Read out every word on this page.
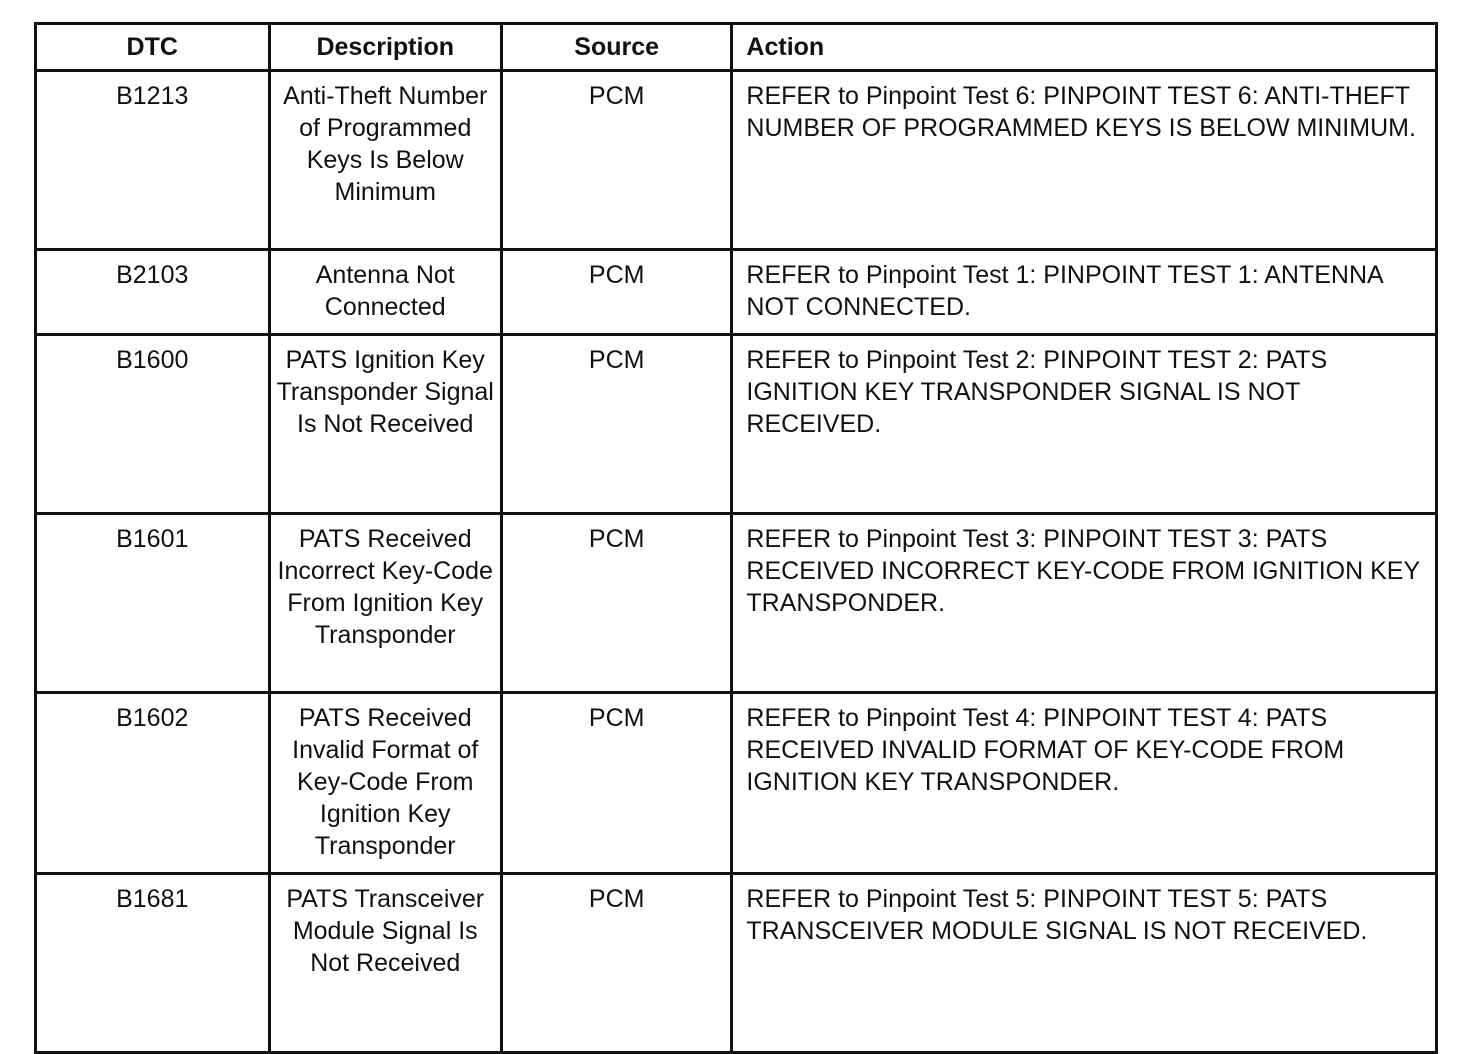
DTC	Description	Source	Action
B1213	Anti-Theft Number of Programmed Keys Is Below Minimum	PCM	REFER to Pinpoint Test 6: PINPOINT TEST 6: ANTI-THEFT NUMBER OF PROGRAMMED KEYS IS BELOW MINIMUM.
B2103	Antenna Not Connected	PCM	REFER to Pinpoint Test 1: PINPOINT TEST 1: ANTENNA NOT CONNECTED.
B1600	PATS Ignition Key Transponder Signal Is Not Received	PCM	REFER to Pinpoint Test 2: PINPOINT TEST 2: PATS IGNITION KEY TRANSPONDER SIGNAL IS NOT RECEIVED.
B1601	PATS Received Incorrect Key-Code From Ignition Key Transponder	PCM	REFER to Pinpoint Test 3: PINPOINT TEST 3: PATS RECEIVED INCORRECT KEY-CODE FROM IGNITION KEY TRANSPONDER.
B1602	PATS Received Invalid Format of Key-Code From Ignition Key Transponder	PCM	REFER to Pinpoint Test 4: PINPOINT TEST 4: PATS RECEIVED INVALID FORMAT OF KEY-CODE FROM IGNITION KEY TRANSPONDER.
B1681	PATS Transceiver Module Signal Is Not Received	PCM	REFER to Pinpoint Test 5: PINPOINT TEST 5: PATS TRANSCEIVER MODULE SIGNAL IS NOT RECEIVED.
